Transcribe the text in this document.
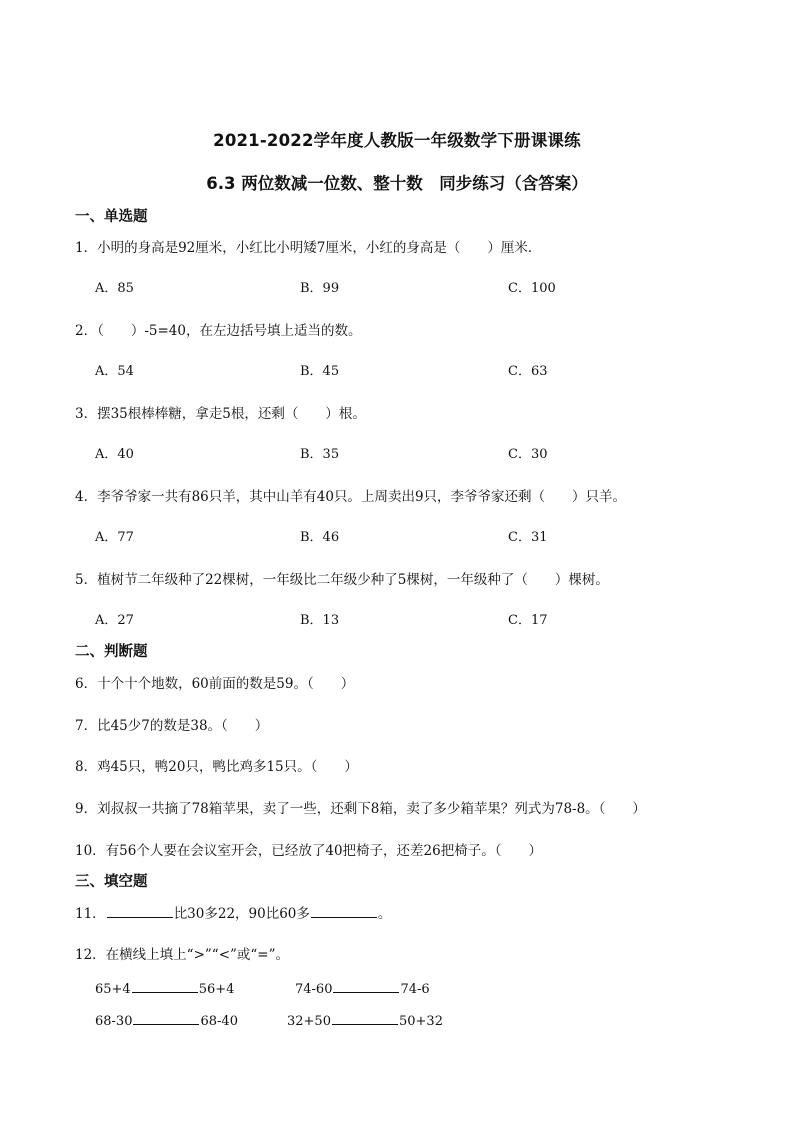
2021-2022学年度人教版一年级数学下册课课练
6.3 两位数减一位数、整十数　同步练习（含答案）
一、单选题
1．小明的身高是92厘米，小红比小明矮7厘米，小红的身高是（　　）厘米．
A．85	B．99	C．100
2．（　　）-5=40，在左边括号填上适当的数。
A．54	B．45	C．63
3．摆35根棒棒糖，拿走5根，还剩（　　）根。
A．40	B．35	C．30
4．李爷爷家一共有86只羊，其中山羊有40只。上周卖出9只，李爷爷家还剩（　　）只羊。
A．77	B．46	C．31
5．植树节二年级种了22棵树，一年级比二年级少种了5棵树，一年级种了（　　）棵树。
A．27	B．13	C．17
二、判断题
6．十个十个地数，60前面的数是59。（　　）
7．比45少7的数是38。（　　）
8．鸡45只，鸭20只，鸭比鸡多15只。（　　）
9．刘叔叔一共摘了78箱苹果，卖了一些，还剩下8箱，卖了多少箱苹果？列式为78-8。（　　）
10．有56个人要在会议室开会，已经放了40把椅子，还差26把椅子。（　　）
三、填空题
11．	比30多22，90比60多	。
12．在横线上填上“>”“<”或“=”。
65+4	56+4	74-60	74-6
68-30	68-40	32+50	50+32
